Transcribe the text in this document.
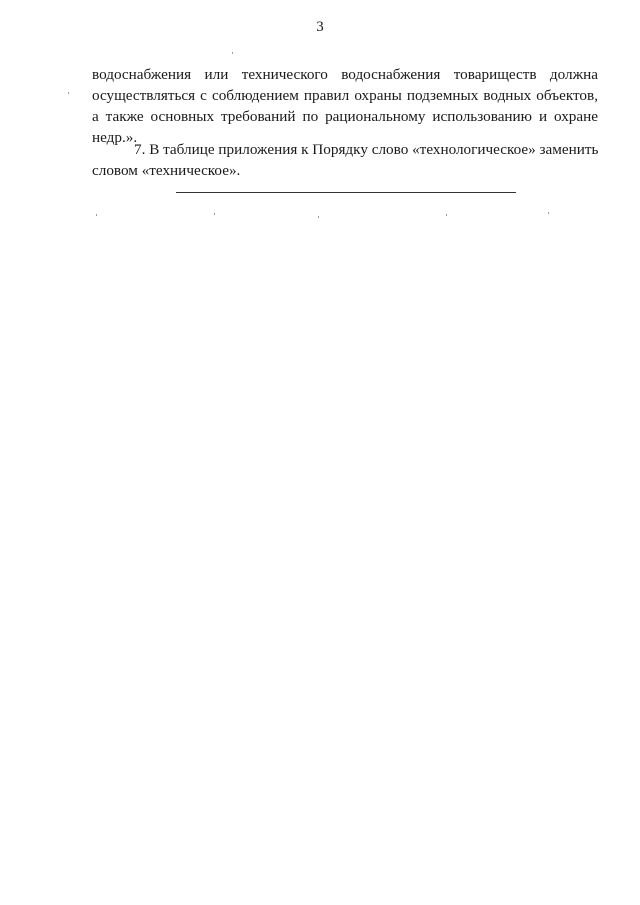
3
водоснабжения или технического водоснабжения товариществ должна
осуществляться с соблюдением правил охраны подземных водных объектов,
а также основных требований по рациональному использованию и охране
недр.».
7. В таблице приложения к Порядку слово «технологическое» заменить
словом «техническое».
